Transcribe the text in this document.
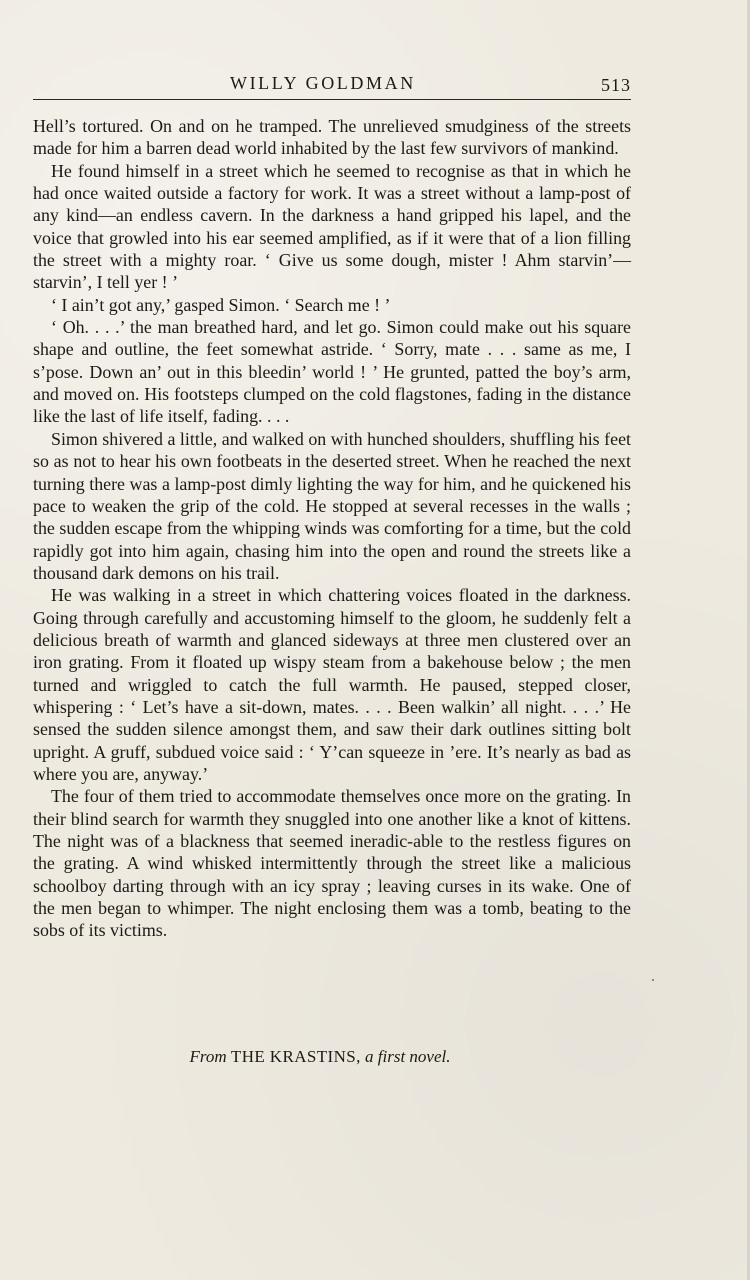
WILLY GOLDMAN	513

Hell’s tortured. On and on he tramped. The unrelieved smudginess of the streets made for him a barren dead world inhabited by the last few survivors of mankind.

He found himself in a street which he seemed to recognise as that in which he had once waited outside a factory for work. It was a street without a lamp-post of any kind—an endless cavern. In the darkness a hand gripped his lapel, and the voice that growled into his ear seemed amplified, as if it were that of a lion filling the street with a mighty roar. ‘ Give us some dough, mister ! Ahm starvin’—starvin’, I tell yer ! ’

‘ I ain’t got any,’ gasped Simon. ‘ Search me ! ’

‘ Oh. . . .’ the man breathed hard, and let go. Simon could make out his square shape and outline, the feet somewhat astride. ‘ Sorry, mate . . . same as me, I s’pose. Down an’ out in this bleedin’ world ! ’ He grunted, patted the boy’s arm, and moved on. His footsteps clumped on the cold flagstones, fading in the distance like the last of life itself, fading. . . .

Simon shivered a little, and walked on with hunched shoulders, shuffling his feet so as not to hear his own footbeats in the deserted street. When he reached the next turning there was a lamp-post dimly lighting the way for him, and he quickened his pace to weaken the grip of the cold. He stopped at several recesses in the walls ; the sudden escape from the whipping winds was comforting for a time, but the cold rapidly got into him again, chasing him into the open and round the streets like a thousand dark demons on his trail.

He was walking in a street in which chattering voices floated in the darkness. Going through carefully and accustoming himself to the gloom, he suddenly felt a delicious breath of warmth and glanced sideways at three men clustered over an iron grating. From it floated up wispy steam from a bakehouse below ; the men turned and wriggled to catch the full warmth. He paused, stepped closer, whispering : ‘ Let’s have a sit-down, mates. . . . Been walkin’ all night. . . .’ He sensed the sudden silence amongst them, and saw their dark outlines sitting bolt upright. A gruff, subdued voice said : ‘ Y’can squeeze in ’ere. It’s nearly as bad as where you are, anyway.’

The four of them tried to accommodate themselves once more on the grating. In their blind search for warmth they snuggled into one another like a knot of kittens. The night was of a blackness that seemed ineradic-able to the restless figures on the grating. A wind whisked intermittently through the street like a malicious schoolboy darting through with an icy spray ; leaving curses in its wake. One of the men began to whimper. The night enclosing them was a tomb, beating to the sobs of its victims.

From THE KRASTINS, a first novel.
